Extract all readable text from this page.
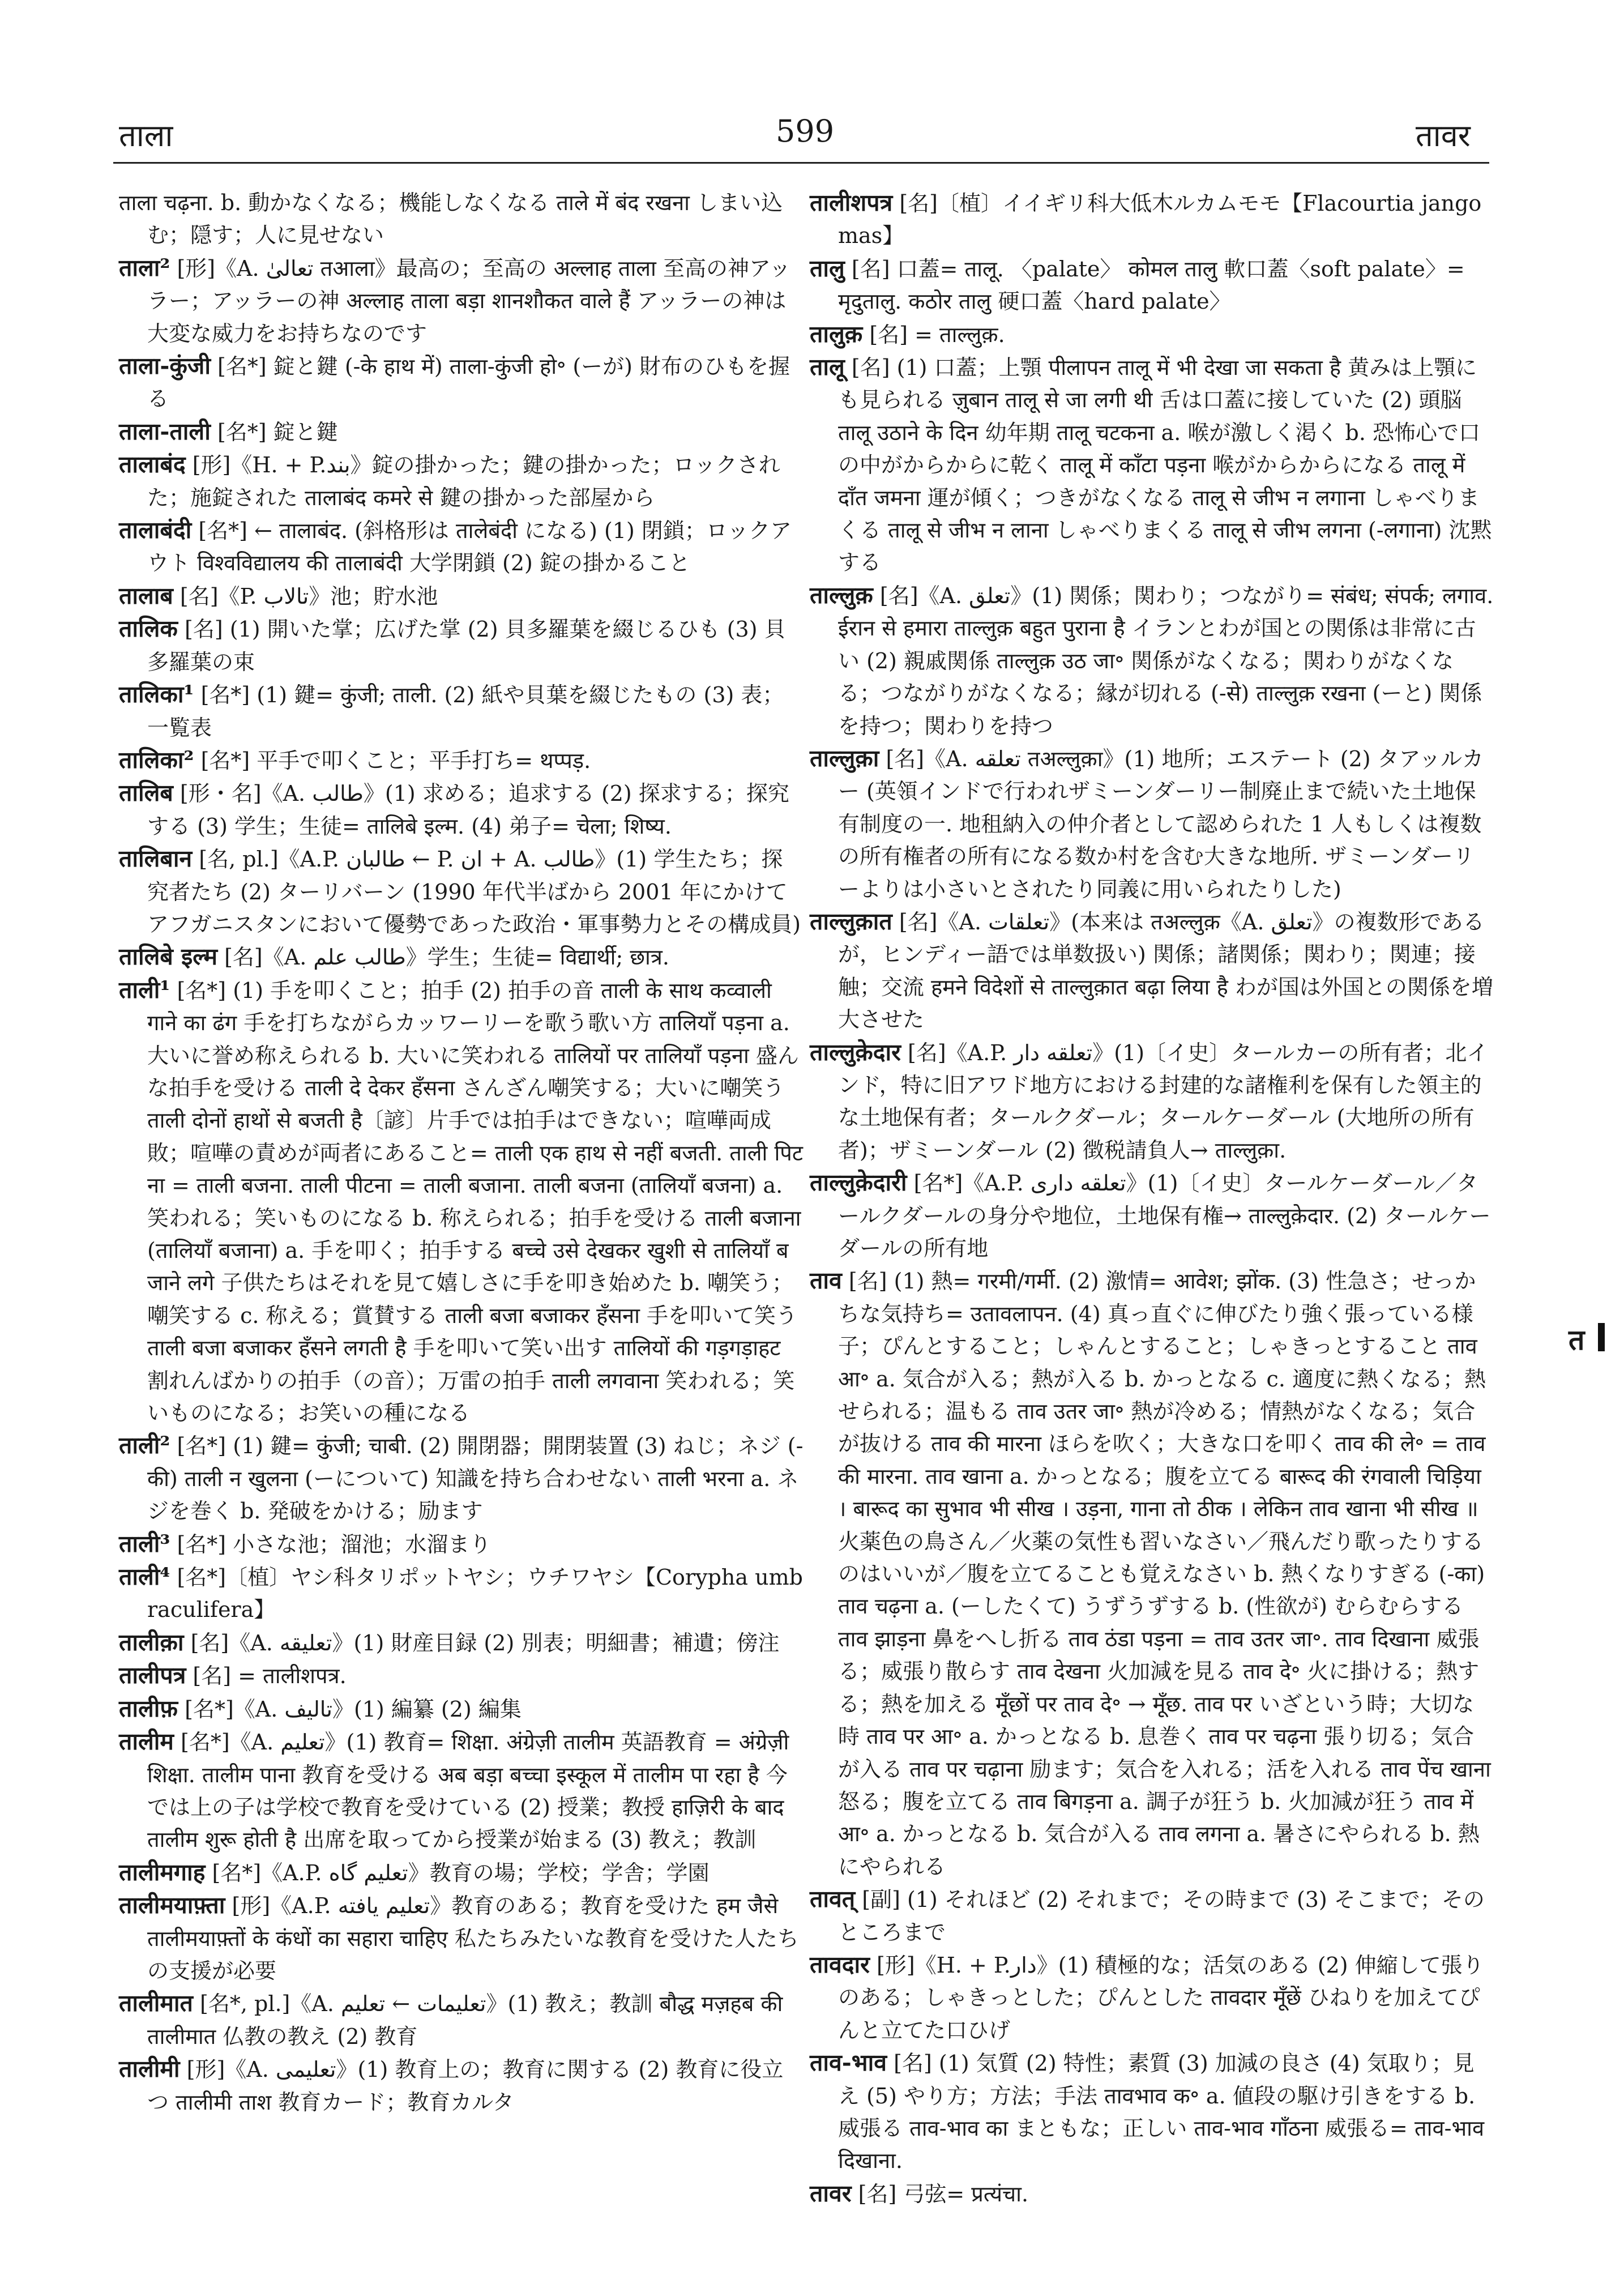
ताला	599	तावर

ताला चढ़ना. b. 動かなくなる；機能しなくなる ताले में बंद रखना しまい込む；隠す；人に見せない

ताला² [形]《A. تعالیٰ तआला》最高の；至高の अल्लाह ताला 至高の神アッラー；アッラーの神 अल्लाह ताला बड़ा शानशौकत वाले हैं アッラーの神は大変な威力をお持ちなのです

ताला-कुंजी [名*] 錠と鍵 (-के हाथ में) ताला-कुंजी हो॰ (ーが) 財布のひもを握る

ताला-ताली [名*] 錠と鍵

तालाबंद [形]《H. + P.بند》錠の掛かった；鍵の掛かった；ロックされた；施錠された तालाबंद कमरे से 鍵の掛かった部屋から

तालाबंदी [名*] ← तालाबंद. (斜格形は तालेबंदी になる) (1) 閉鎖；ロックアウト विश्वविद्यालय की तालाबंदी 大学閉鎖 (2) 錠の掛かること

तालाब [名]《P. تالاب》池；貯水池

तालिक [名] (1) 開いた掌；広げた掌 (2) 貝多羅葉を綴じるひも (3) 貝多羅葉の束

तालिका¹ [名*] (1) 鍵= कुंजी; ताली. (2) 紙や貝葉を綴じたもの (3) 表；一覧表

तालिका² [名*] 平手で叩くこと；平手打ち= थप्पड़.

तालिब [形・名]《A. طالب》(1) 求める；追求する (2) 探求する；探究する (3) 学生；生徒= तालिबे इल्म. (4) 弟子= चेला; शिष्य.

तालिबान [名, pl.]《A.P. طالبان ← P. ان + A. طالب》(1) 学生たち；探究者たち (2) ターリバーン (1990 年代半ばから 2001 年にかけてアフガニスタンにおいて優勢であった政治・軍事勢力とその構成員)

तालिबे इल्म [名]《A. طالب علم》学生；生徒= विद्यार्थी; छात्र.

ताली¹ [名*] (1) 手を叩くこと；拍手 (2) 拍手の音 ताली के साथ कव्वाली गाने का ढंग 手を打ちながらカッワーリーを歌う歌い方 तालियाँ पड़ना a. 大いに誉め称えられる b. 大いに笑われる तालियों पर तालियाँ पड़ना 盛んな拍手を受ける ताली दे देकर हँसना さんざん嘲笑する；大いに嘲笑う ताली दोनों हाथों से बजती है〔諺〕片手では拍手はできない；喧嘩両成敗；喧嘩の責めが両者にあること= ताली एक हाथ से नहीं बजती. ताली पिटना = ताली बजना. ताली पीटना = ताली बजाना. ताली बजना (तालियाँ बजना) a. 笑われる；笑いものになる b. 称えられる；拍手を受ける ताली बजाना (तालियाँ बजाना) a. 手を叩く；拍手する बच्चे उसे देखकर खुशी से तालियाँ बजाने लगे 子供たちはそれを見て嬉しさに手を叩き始めた b. 嘲笑う；嘲笑する c. 称える；賞賛する ताली बजा बजाकर हँसना 手を叩いて笑う ताली बजा बजाकर हँसने लगती है 手を叩いて笑い出す तालियों की गड़गड़ाहट 割れんばかりの拍手（の音）；万雷の拍手 ताली लगवाना 笑われる；笑いものになる；お笑いの種になる

ताली² [名*] (1) 鍵= कुंजी; चाबी. (2) 開閉器；開閉装置 (3) ねじ；ネジ (-की) ताली न खुलना (ーについて) 知識を持ち合わせない ताली भरना a. ネジを巻く b. 発破をかける；励ます

ताली³ [名*] 小さな池；溜池；水溜まり

ताली⁴ [名*]〔植〕ヤシ科タリポットヤシ；ウチワヤシ【Corypha umbraculifera】

तालीक़ा [名]《A. تعليقه》(1) 財産目録 (2) 別表；明細書；補遺；傍注

तालीपत्र [名] = तालीशपत्र.

तालीफ़ [名*]《A. تاليف》(1) 編纂 (2) 編集

तालीम [名*]《A. تعليم》(1) 教育= शिक्षा. अंग्रेज़ी तालीम 英語教育 = अंग्रेज़ी शिक्षा. तालीम पाना 教育を受ける अब बड़ा बच्चा इस्कूल में तालीम पा रहा है 今では上の子は学校で教育を受けている (2) 授業；教授 हाज़िरी के बाद तालीम शुरू होती है 出席を取ってから授業が始まる (3) 教え；教訓

तालीमगाह [名*]《A.P. تعليم گاه》教育の場；学校；学舎；学園

तालीमयाफ़्ता [形]《A.P. تعليم يافته》教育のある；教育を受けた हम जैसे तालीमयाफ़्तों के कंधों का सहारा चाहिए 私たちみたいな教育を受けた人たちの支援が必要

तालीमात [名*, pl.]《A. تعليمات ← تعليم》(1) 教え；教訓 बौद्ध मज़हब की तालीमात 仏教の教え (2) 教育

तालीमी [形]《A. تعليمی》(1) 教育上の；教育に関する (2) 教育に役立つ तालीमी ताश 教育カード；教育カルタ

तालीशपत्र [名]〔植〕イイギリ科大低木ルカムモモ【Flacourtia jangomas】

तालु [名] 口蓋= तालू. 〈palate〉 कोमल तालु 軟口蓋〈soft palate〉= मृदुतालु. कठोर तालु 硬口蓋〈hard palate〉

तालुक़ [名] = ताल्लुक़.

तालू [名] (1) 口蓋；上顎 पीलापन तालू में भी देखा जा सकता है 黄みは上顎にも見られる ज़ुबान तालू से जा लगी थी 舌は口蓋に接していた (2) 頭脳 तालू उठाने के दिन 幼年期 तालू चटकना a. 喉が激しく渇く b. 恐怖心で口の中がからからに乾く तालू में काँटा पड़ना 喉がからからになる तालू में दाँत जमना 運が傾く；つきがなくなる तालू से जीभ न लगाना しゃべりまくる तालू से जीभ न लाना しゃべりまくる तालू से जीभ लगना (-लगाना) 沈黙する

ताल्लुक़ [名]《A. تعلق》(1) 関係；関わり；つながり= संबंध; संपर्क; लगाव. ईरान से हमारा ताल्लुक़ बहुत पुराना है イランとわが国との関係は非常に古い (2) 親戚関係 ताल्लुक़ उठ जा॰ 関係がなくなる；関わりがなくなる；つながりがなくなる；縁が切れる (-से) ताल्लुक़ रखना (ーと) 関係を持つ；関わりを持つ

ताल्लुक़ा [名]《A. تعلقه तअल्लुक़ा》(1) 地所；エステート (2) タアッルカー (英領インドで行われザミーンダーリー制廃止まで続いた土地保有制度の一. 地租納入の仲介者として認められた 1 人もしくは複数の所有権者の所有になる数か村を含む大きな地所. ザミーンダーリーよりは小さいとされたり同義に用いられたりした)

ताल्लुक़ात [名]《A. تعلقات》(本来は तअल्लुक़《A. تعلق》の複数形であるが，ヒンディー語では単数扱い) 関係；諸関係；関わり；関連；接触；交流 हमने विदेशों से ताल्लुक़ात बढ़ा लिया है わが国は外国との関係を増大させた

ताल्लुक़ेदार [名]《A.P. تعلقه دار》(1)〔イ史〕タールカーの所有者；北インド，特に旧アワド地方における封建的な諸権利を保有した領主的な土地保有者；タールクダール；タールケーダール (大地所の所有者)；ザミーンダール (2) 徴税請負人→ ताल्लुक़ा.

ताल्लुक़ेदारी [名*]《A.P. تعلقه داری》(1)〔イ史〕タールケーダール／タールクダールの身分や地位，土地保有権→ ताल्लुक़ेदार. (2) タールケーダールの所有地

ताव [名] (1) 熱= गरमी/गर्मी. (2) 激情= आवेश; झोंक. (3) 性急さ；せっかちな気持ち= उतावलापन. (4) 真っ直ぐに伸びたり強く張っている様子；ぴんとすること；しゃんとすること；しゃきっとすること ताव आ॰ a. 気合が入る；熱が入る b. かっとなる c. 適度に熱くなる；熱せられる；温もる ताव उतर जा॰ 熱が冷める；情熱がなくなる；気合が抜ける ताव की मारना ほらを吹く；大きな口を叩く ताव की ले॰ = ताव की मारना. ताव खाना a. かっとなる；腹を立てる बारूद की रंगवाली चिड़िया । बारूद का सुभाव भी सीख । उड़ना, गाना तो ठीक । लेकिन ताव खाना भी सीख ॥ 火薬色の鳥さん／火薬の気性も習いなさい／飛んだり歌ったりするのはいいが／腹を立てることも覚えなさい b. 熱くなりすぎる (-का) ताव चढ़ना a. (ーしたくて) うずうずする b. (性欲が) むらむらする ताव झाड़ना 鼻をへし折る ताव ठंडा पड़ना = ताव उतर जा॰. ताव दिखाना 威張る；威張り散らす ताव देखना 火加減を見る ताव दे॰ 火に掛ける；熱する；熱を加える मूँछों पर ताव दे॰ → मूँछ. ताव पर いざという時；大切な時 ताव पर आ॰ a. かっとなる b. 息巻く ताव पर चढ़ना 張り切る；気合が入る ताव पर चढ़ाना 励ます；気合を入れる；活を入れる ताव पेंच खाना 怒る；腹を立てる ताव बिगड़ना a. 調子が狂う b. 火加減が狂う ताव में आ॰ a. かっとなる b. 気合が入る ताव लगना a. 暑さにやられる b. 熱にやられる

तावत् [副] (1) それほど (2) それまで；その時まで (3) そこまで；そのところまで

तावदार [形]《H. + P.دار》(1) 積極的な；活気のある (2) 伸縮して張りのある；しゃきっとした；ぴんとした तावदार मूँछें ひねりを加えてぴんと立てた口ひげ

ताव-भाव [名] (1) 気質 (2) 特性；素質 (3) 加減の良さ (4) 気取り；見え (5) やり方；方法；手法 तावभाव क॰ a. 値段の駆け引きをする b. 威張る ताव-भाव का まともな；正しい ताव-भाव गाँठना 威張る= ताव-भाव दिखाना.

तावर [名] 弓弦= प्रत्यंचा.

त
